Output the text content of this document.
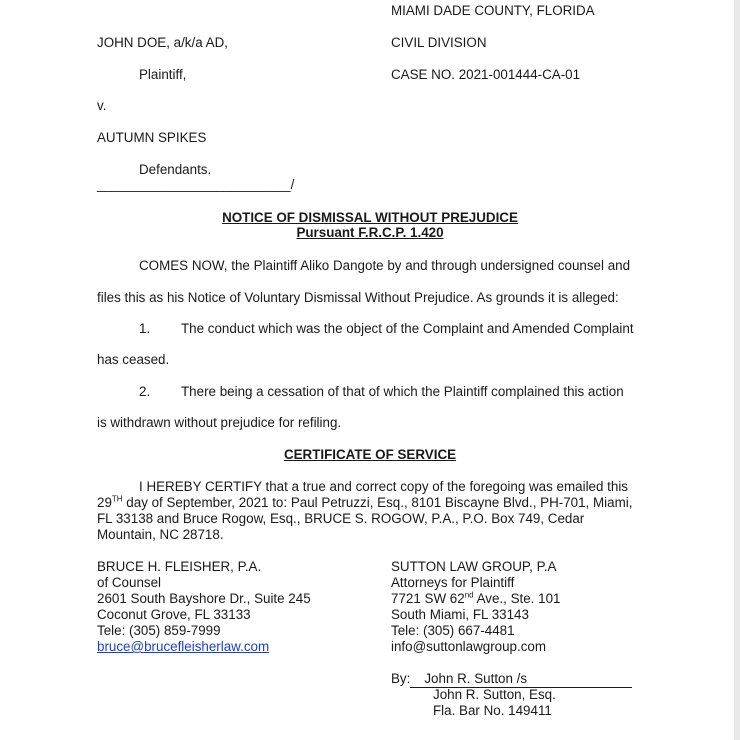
MIAMI DADE COUNTY, FLORIDA
JOHN DOE, a/k/a AD,	CIVIL DIVISION
Plaintiff,	CASE NO. 2021-001444-CA-01
v.
AUTUMN SPIKES
Defendants.
__________________________/
NOTICE OF DISMISSAL WITHOUT PREJUDICE
Pursuant F.R.C.P. 1.420
COMES NOW, the Plaintiff Aliko Dangote by and through undersigned counsel and
files this as his Notice of Voluntary Dismissal Without Prejudice. As grounds it is alleged:
1. The conduct which was the object of the Complaint and Amended Complaint
has ceased.
2. There being a cessation of that of which the Plaintiff complained this action
is withdrawn without prejudice for refiling.
CERTIFICATE OF SERVICE
I HEREBY CERTIFY that a true and correct copy of the foregoing was emailed this
29TH day of September, 2021 to: Paul Petruzzi, Esq., 8101 Biscayne Blvd., PH-701, Miami,
FL 33138 and Bruce Rogow, Esq., BRUCE S. ROGOW, P.A., P.O. Box 749, Cedar
Mountain, NC 28718.
BRUCE H. FLEISHER, P.A.
of Counsel
2601 South Bayshore Dr., Suite 245
Coconut Grove, FL 33133
Tele: (305) 859-7999
bruce@brucefleisherlaw.com
SUTTON LAW GROUP, P.A
Attorneys for Plaintiff
7721 SW 62nd Ave., Ste. 101
South Miami, FL 33143
Tele: (305) 667-4481
info@suttonlawgroup.com
By: John R. Sutton /s
John R. Sutton, Esq.
Fla. Bar No. 149411
